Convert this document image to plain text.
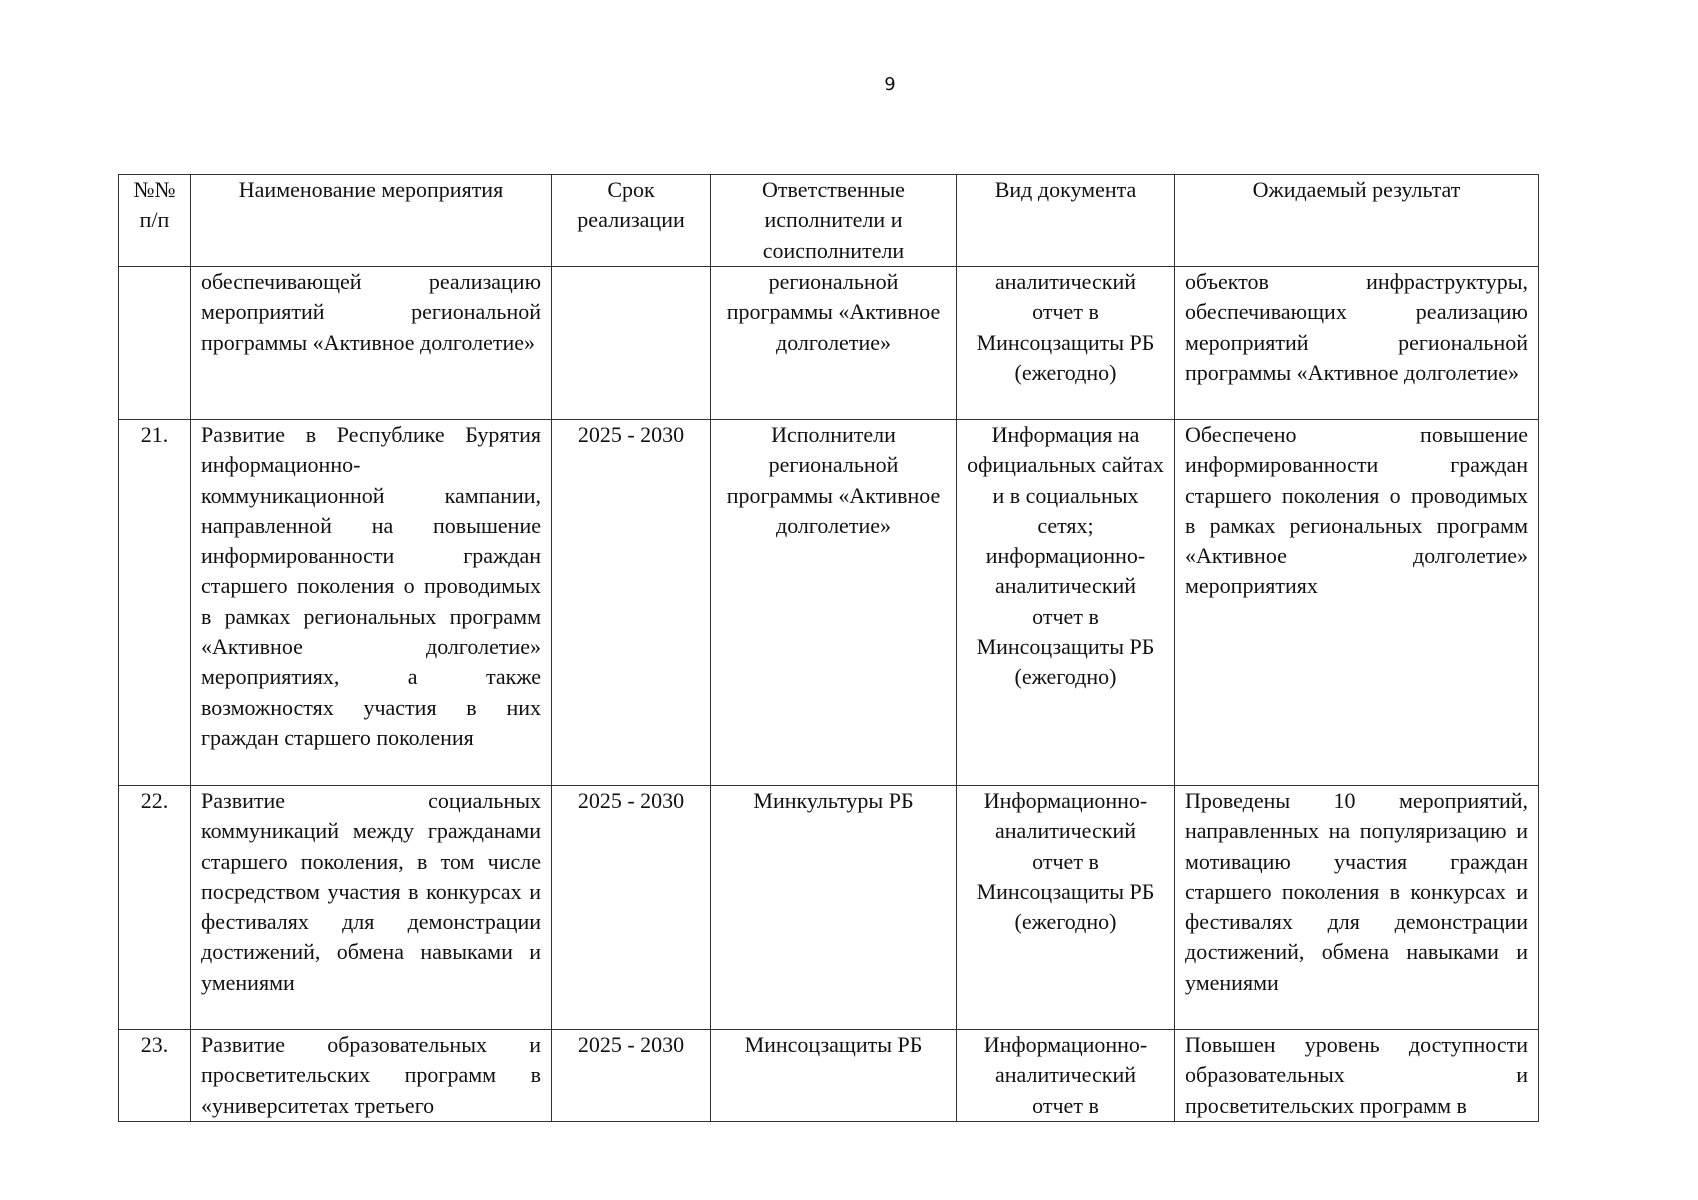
9
№№ п/п	Наименование мероприятия	Срок реализации	Ответственные исполнители и соисполнители	Вид документа	Ожидаемый результат
	обеспечивающей реализацию мероприятий региональной программы «Активное долголетие»		региональной программы «Активное долголетие»	аналитический отчет в Минсоцзащиты РБ (ежегодно)	объектов инфраструктуры, обеспечивающих реализацию мероприятий региональной программы «Активное долголетие»
21.	Развитие в Республике Бурятия информационно-коммуникационной кампании, направленной на повышение информированности граждан старшего поколения о проводимых в рамках региональных программ «Активное долголетие» мероприятиях, а также возможностях участия в них граждан старшего поколения	2025 - 2030	Исполнители региональной программы «Активное долголетие»	Информация на официальных сайтах и в социальных сетях; информационно-аналитический отчет в Минсоцзащиты РБ (ежегодно)	Обеспечено повышение информированности граждан старшего поколения о проводимых в рамках региональных программ «Активное долголетие» мероприятиях
22.	Развитие социальных коммуникаций между гражданами старшего поколения, в том числе посредством участия в конкурсах и фестивалях для демонстрации достижений, обмена навыками и умениями	2025 - 2030	Минкультуры РБ	Информационно-аналитический отчет в Минсоцзащиты РБ (ежегодно)	Проведены 10 мероприятий, направленных на популяризацию и мотивацию участия граждан старшего поколения в конкурсах и фестивалях для демонстрации достижений, обмена навыками и умениями
23.	Развитие образовательных и просветительских программ в «университетах третьего	2025 - 2030	Минсоцзащиты РБ	Информационно-аналитический отчет в	Повышен уровень доступности образовательных и просветительских программ в
